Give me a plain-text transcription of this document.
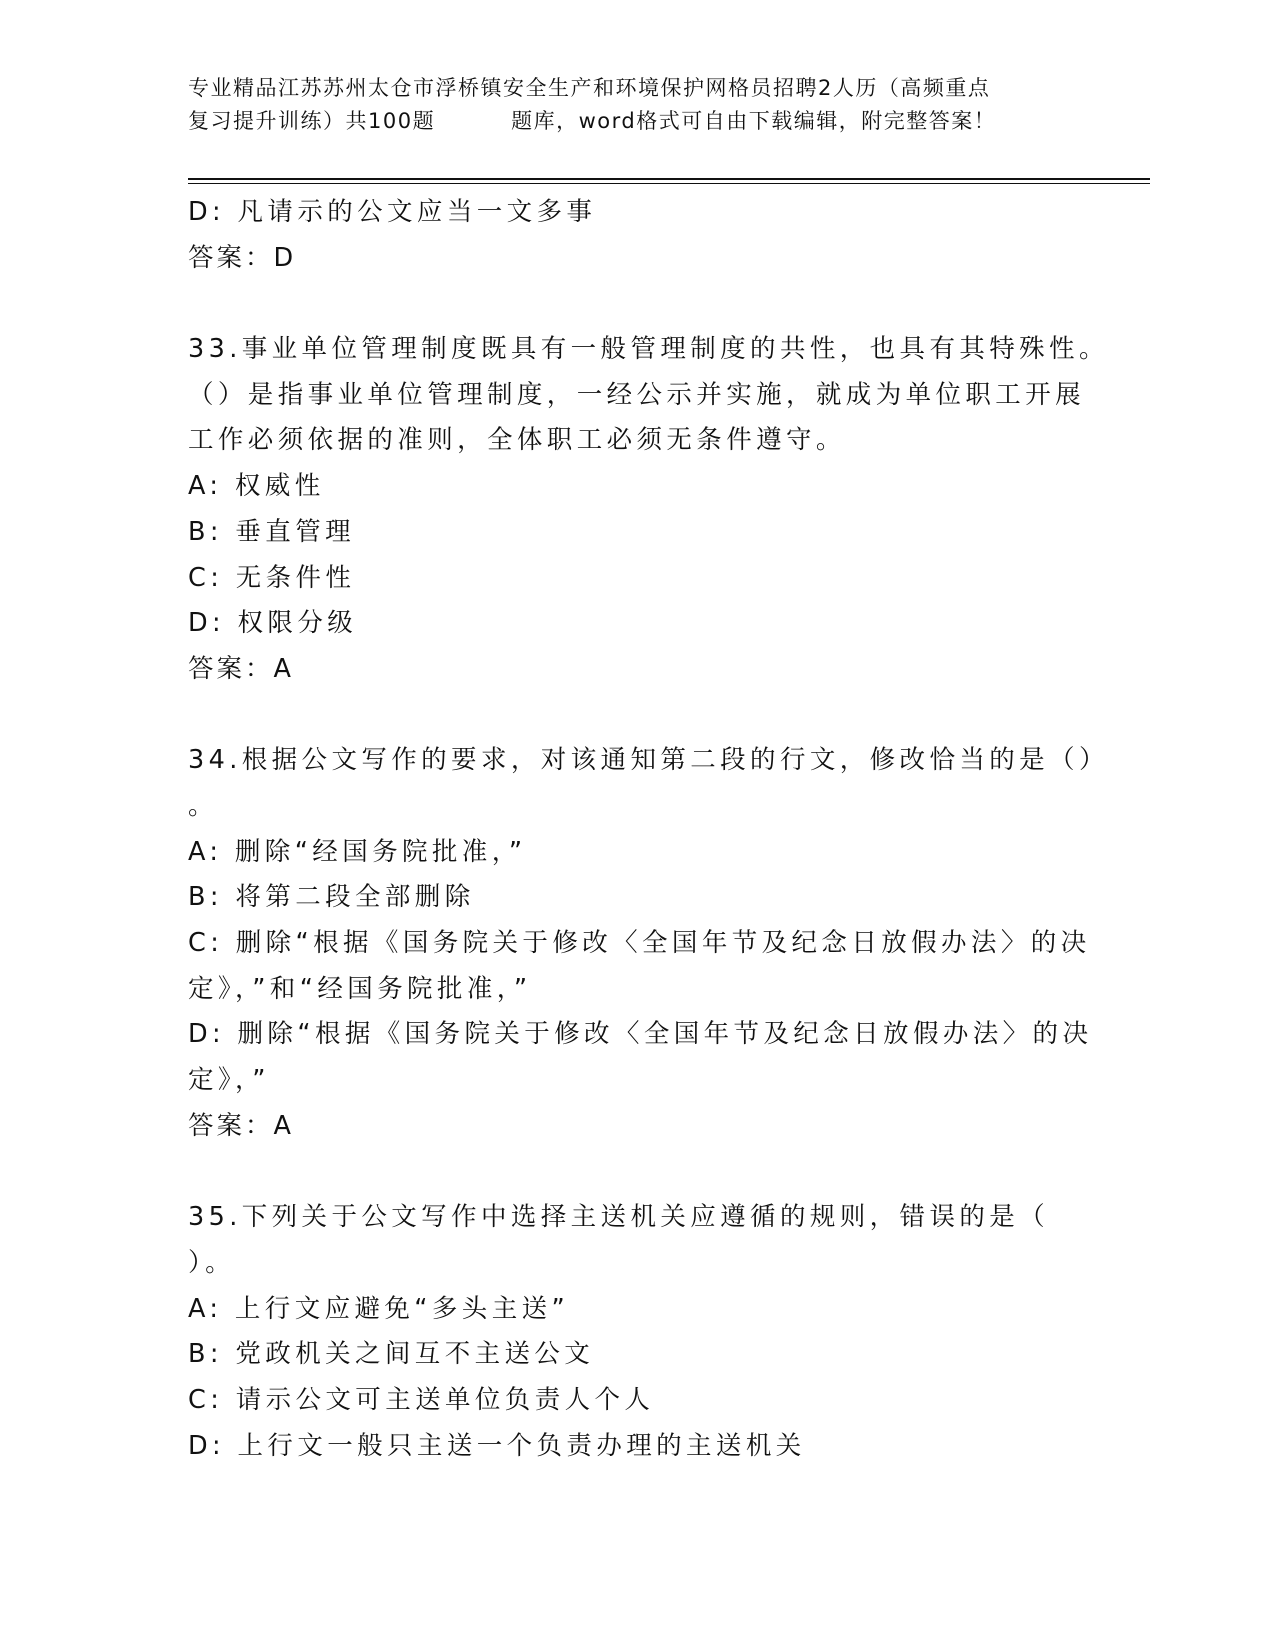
专业精品江苏苏州太仓市浮桥镇安全生产和环境保护网格员招聘2人历（高频重点
复习提升训练）共100题	题库，word格式可自由下载编辑，附完整答案！
D: 凡请示的公文应当一文多事
答案：D
33.事业单位管理制度既具有一般管理制度的共性，也具有其特殊性。
（）是指事业单位管理制度，一经公示并实施，就成为单位职工开展
工作必须依据的准则，全体职工必须无条件遵守。
A: 权威性
B: 垂直管理
C: 无条件性
D: 权限分级
答案：A
34.根据公文写作的要求，对该通知第二段的行文，修改恰当的是（）
。
A: 删除“经国务院批准，”
B: 将第二段全部删除
C: 删除“根据《国务院关于修改〈全国年节及纪念日放假办法〉的决
定》，”和“经国务院批准，”
D: 删除“根据《国务院关于修改〈全国年节及纪念日放假办法〉的决
定》，”
答案：A
35.下列关于公文写作中选择主送机关应遵循的规则，错误的是（
）。
A: 上行文应避免“多头主送”
B: 党政机关之间互不主送公文
C: 请示公文可主送单位负责人个人
D: 上行文一般只主送一个负责办理的主送机关
